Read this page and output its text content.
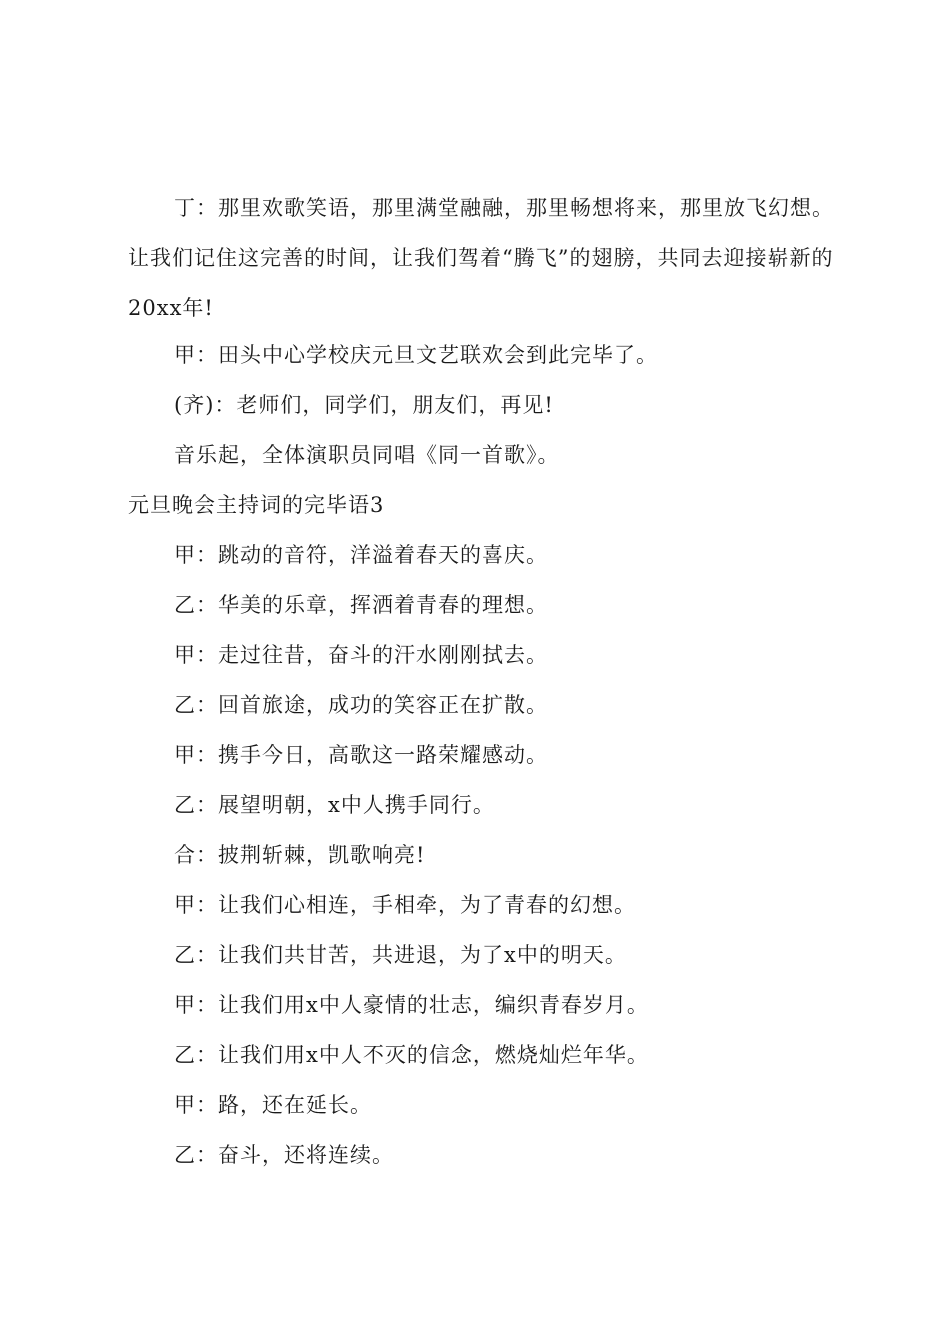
丁：那里欢歌笑语，那里满堂融融，那里畅想将来，那里放飞幻想。让我们记住这完善的时间，让我们驾着“腾飞”的翅膀，共同去迎接崭新的20xx年!

甲：田头中心学校庆元旦文艺联欢会到此完毕了。

(齐)：老师们，同学们，朋友们，再见!

音乐起，全体演职员同唱《同一首歌》。

元旦晚会主持词的完毕语3

甲：跳动的音符，洋溢着春天的喜庆。

乙：华美的乐章，挥洒着青春的理想。

甲：走过往昔，奋斗的汗水刚刚拭去。

乙：回首旅途，成功的笑容正在扩散。

甲：携手今日，高歌这一路荣耀感动。

乙：展望明朝，x中人携手同行。

合：披荆斩棘，凯歌响亮!

甲：让我们心相连，手相牵，为了青春的幻想。

乙：让我们共甘苦，共进退，为了x中的明天。

甲：让我们用x中人豪情的壮志，编织青春岁月。

乙：让我们用x中人不灭的信念，燃烧灿烂年华。

甲：路，还在延长。

乙：奋斗，还将连续。
